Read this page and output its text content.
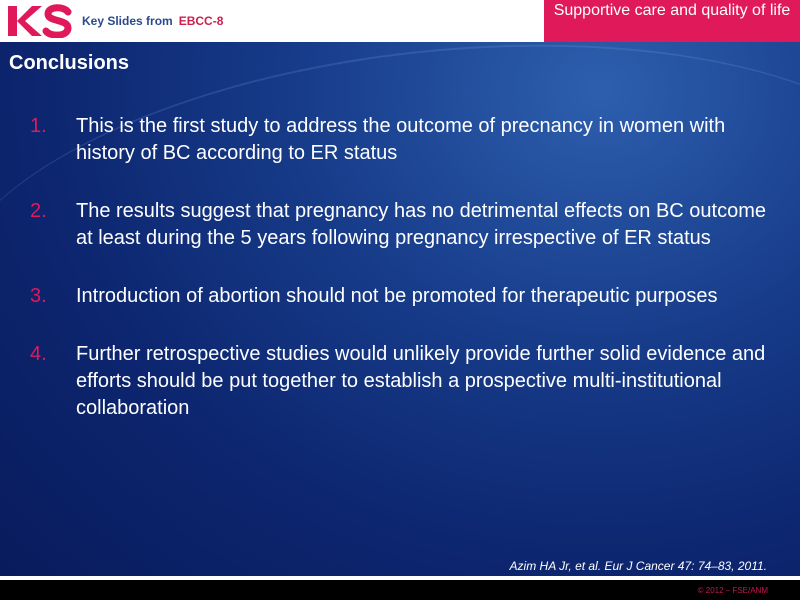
Key Slides from EBCC-8
Supportive care and quality of life
Conclusions
1. This is the first study to address the outcome of precnancy in women with history of BC according to ER status
2. The results suggest that pregnancy has no detrimental effects on BC outcome at least during the 5 years following pregnancy irrespective of ER status
3. Introduction of abortion should not be promoted for therapeutic purposes
4. Further retrospective studies would unlikely provide further solid evidence and efforts should be put together to establish a prospective multi-institutional collaboration
Azim HA Jr, et al. Eur J Cancer 47: 74–83, 2011.
© 2012 – FSE/ANM
